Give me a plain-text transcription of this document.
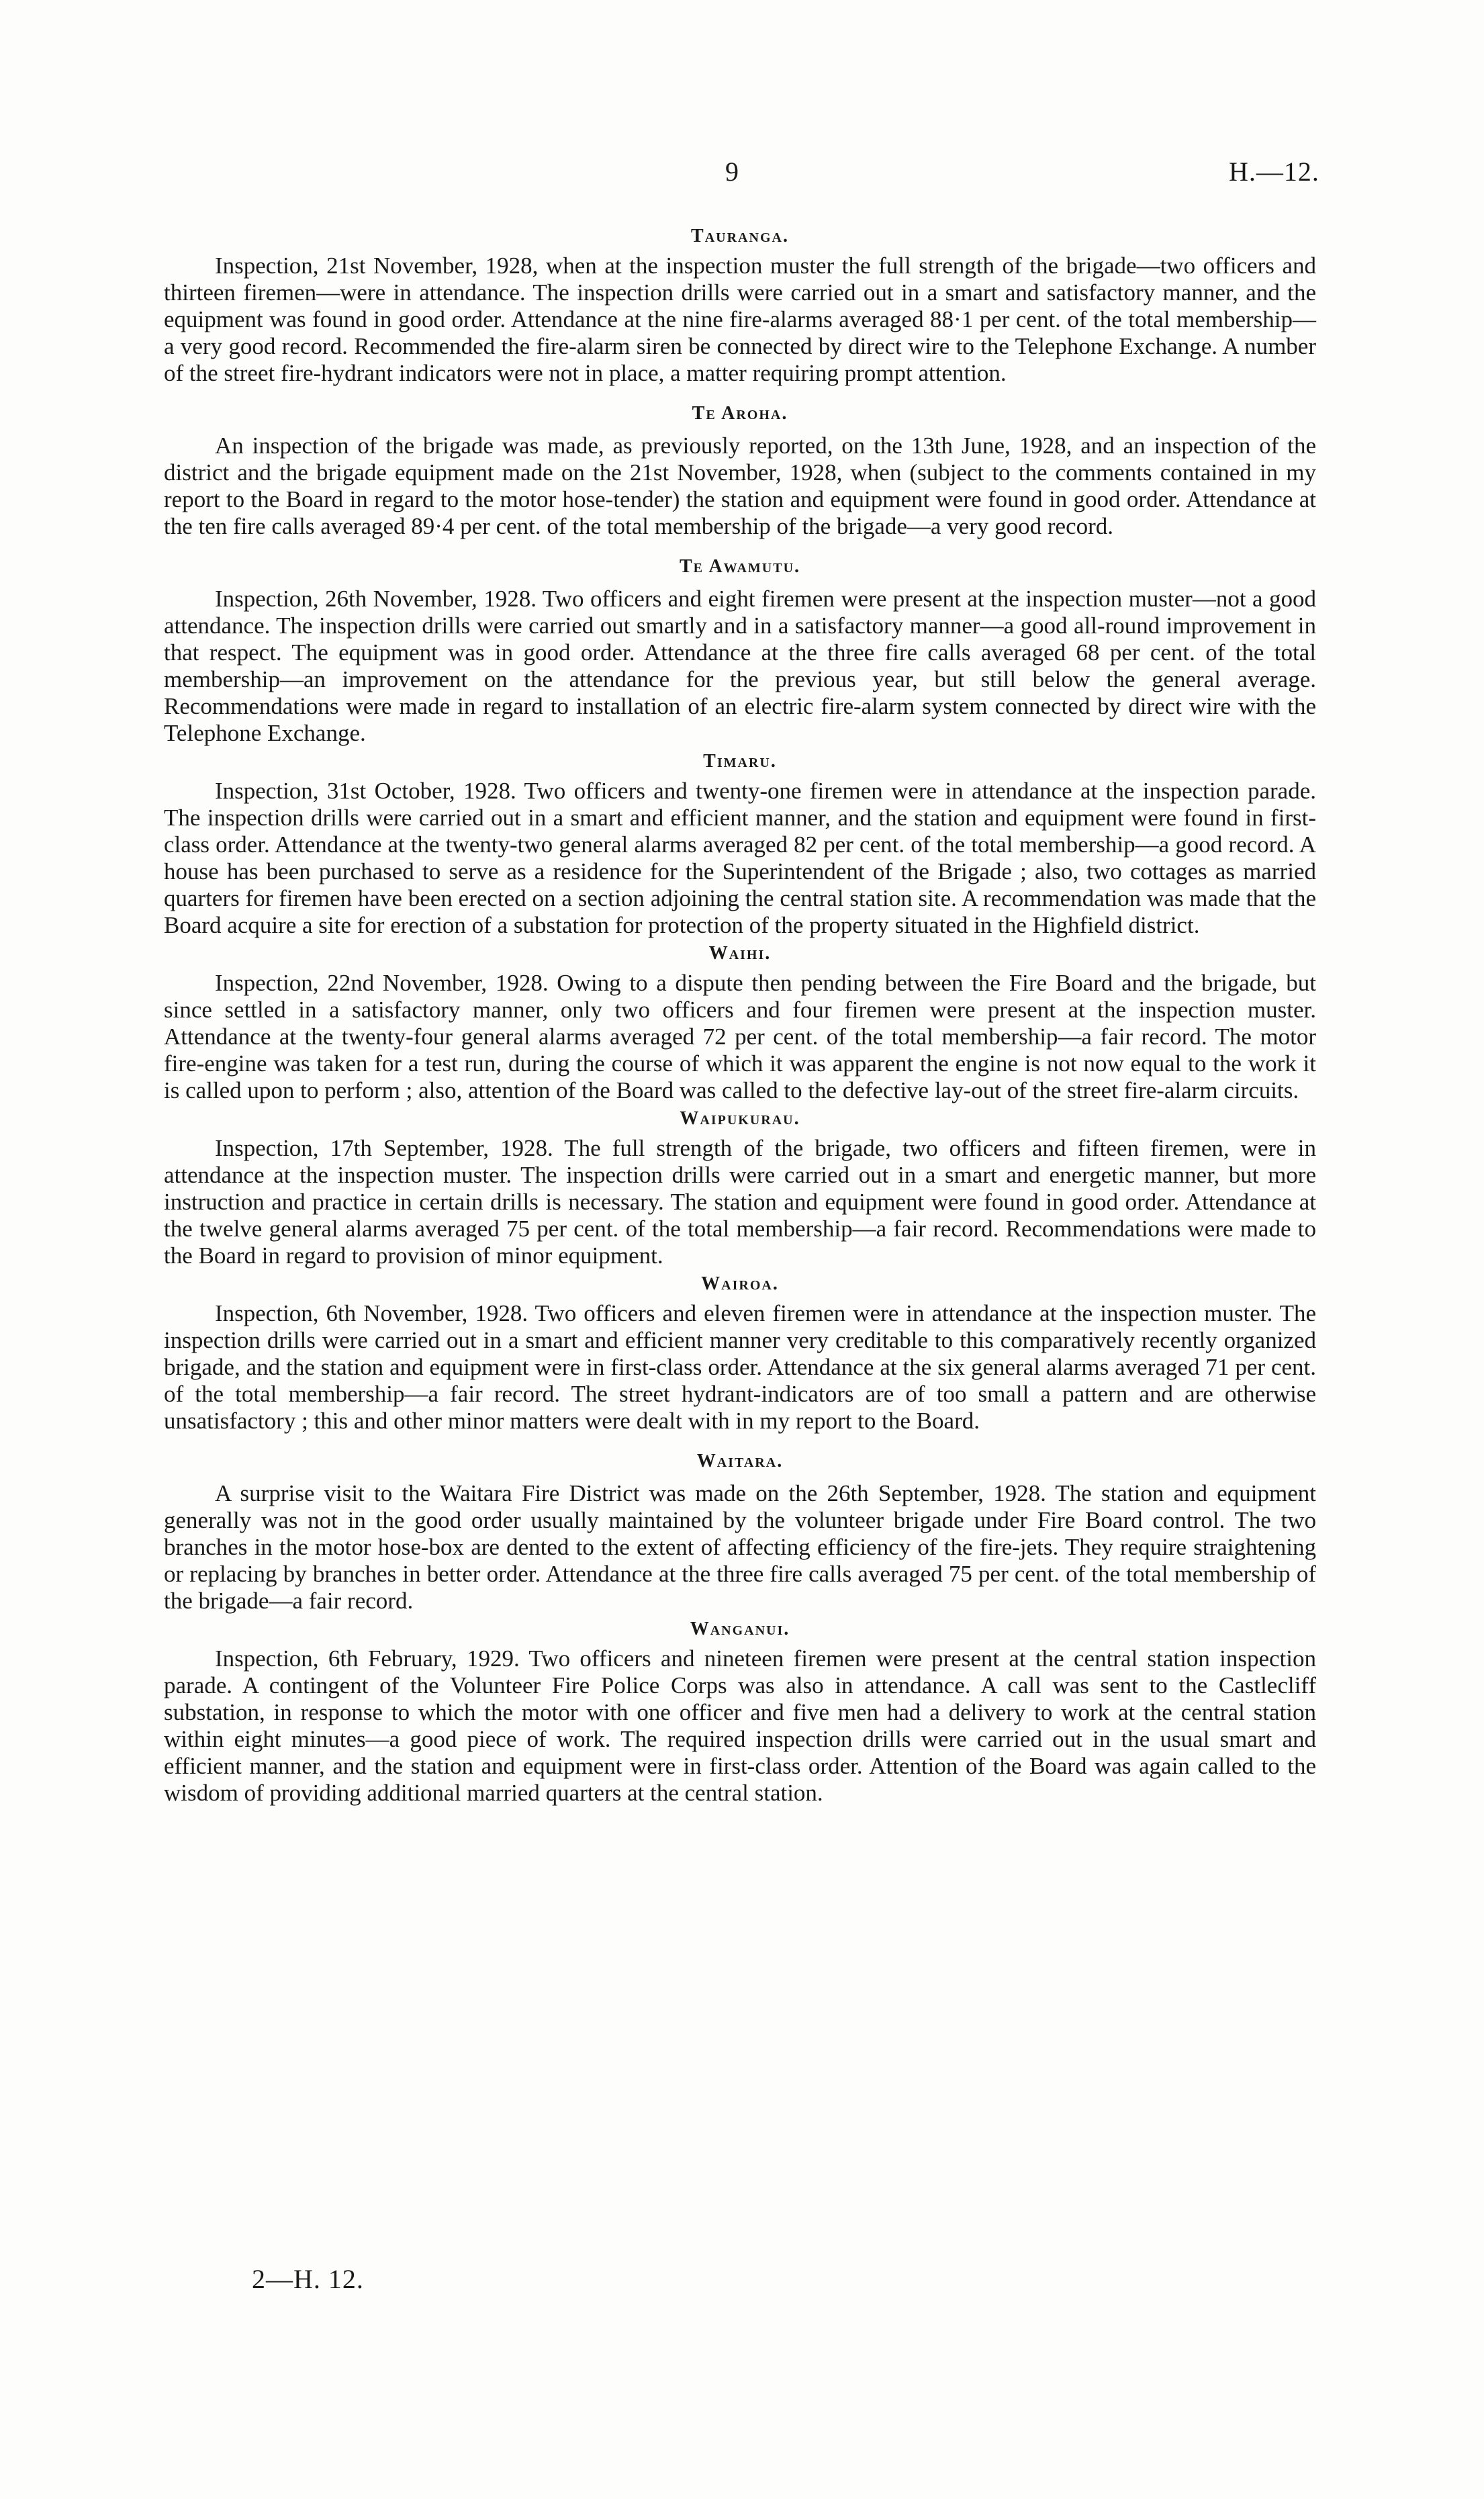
9	H.—12.
Tauranga.

Inspection, 21st November, 1928, when at the inspection muster the full strength of the brigade—two officers and thirteen firemen—were in attendance. The inspection drills were carried out in a smart and satisfactory manner, and the equipment was found in good order. Attendance at the nine fire-alarms averaged 88·1 per cent. of the total membership—a very good record. Recommended the fire-alarm siren be connected by direct wire to the Telephone Exchange. A number of the street fire-hydrant indicators were not in place, a matter requiring prompt attention.

Te Aroha.

An inspection of the brigade was made, as previously reported, on the 13th June, 1928, and an inspection of the district and the brigade equipment made on the 21st November, 1928, when (subject to the comments contained in my report to the Board in regard to the motor hose-tender) the station and equipment were found in good order. Attendance at the ten fire calls averaged 89·4 per cent. of the total membership of the brigade—a very good record.

Te Awamutu.

Inspection, 26th November, 1928. Two officers and eight firemen were present at the inspection muster—not a good attendance. The inspection drills were carried out smartly and in a satisfactory manner—a good all-round improvement in that respect. The equipment was in good order. Attendance at the three fire calls averaged 68 per cent. of the total membership—an improvement on the attendance for the previous year, but still below the general average. Recommendations were made in regard to installation of an electric fire-alarm system connected by direct wire with the Telephone Exchange.

Timaru.

Inspection, 31st October, 1928. Two officers and twenty-one firemen were in attendance at the inspection parade. The inspection drills were carried out in a smart and efficient manner, and the station and equipment were found in first-class order. Attendance at the twenty-two general alarms averaged 82 per cent. of the total membership—a good record. A house has been purchased to serve as a residence for the Superintendent of the Brigade ; also, two cottages as married quarters for firemen have been erected on a section adjoining the central station site. A recommendation was made that the Board acquire a site for erection of a substation for protection of the property situated in the Highfield district.

Waihi.

Inspection, 22nd November, 1928. Owing to a dispute then pending between the Fire Board and the brigade, but since settled in a satisfactory manner, only two officers and four firemen were present at the inspection muster. Attendance at the twenty-four general alarms averaged 72 per cent. of the total membership—a fair record. The motor fire-engine was taken for a test run, during the course of which it was apparent the engine is not now equal to the work it is called upon to perform ; also, attention of the Board was called to the defective lay-out of the street fire-alarm circuits.

Waipukurau.

Inspection, 17th September, 1928. The full strength of the brigade, two officers and fifteen firemen, were in attendance at the inspection muster. The inspection drills were carried out in a smart and energetic manner, but more instruction and practice in certain drills is necessary. The station and equipment were found in good order. Attendance at the twelve general alarms averaged 75 per cent. of the total membership—a fair record. Recommendations were made to the Board in regard to provision of minor equipment.

Wairoa.

Inspection, 6th November, 1928. Two officers and eleven firemen were in attendance at the inspection muster. The inspection drills were carried out in a smart and efficient manner very creditable to this comparatively recently organized brigade, and the station and equipment were in first-class order. Attendance at the six general alarms averaged 71 per cent. of the total membership—a fair record. The street hydrant-indicators are of too small a pattern and are otherwise unsatisfactory ; this and other minor matters were dealt with in my report to the Board.

Waitara.

A surprise visit to the Waitara Fire District was made on the 26th September, 1928. The station and equipment generally was not in the good order usually maintained by the volunteer brigade under Fire Board control. The two branches in the motor hose-box are dented to the extent of affecting efficiency of the fire-jets. They require straightening or replacing by branches in better order. Attendance at the three fire calls averaged 75 per cent. of the total membership of the brigade—a fair record.

Wanganui.

Inspection, 6th February, 1929. Two officers and nineteen firemen were present at the central station inspection parade. A contingent of the Volunteer Fire Police Corps was also in attendance. A call was sent to the Castlecliff substation, in response to which the motor with one officer and five men had a delivery to work at the central station within eight minutes—a good piece of work. The required inspection drills were carried out in the usual smart and efficient manner, and the station and equipment were in first-class order. Attention of the Board was again called to the wisdom of providing additional married quarters at the central station.

2—H. 12.
